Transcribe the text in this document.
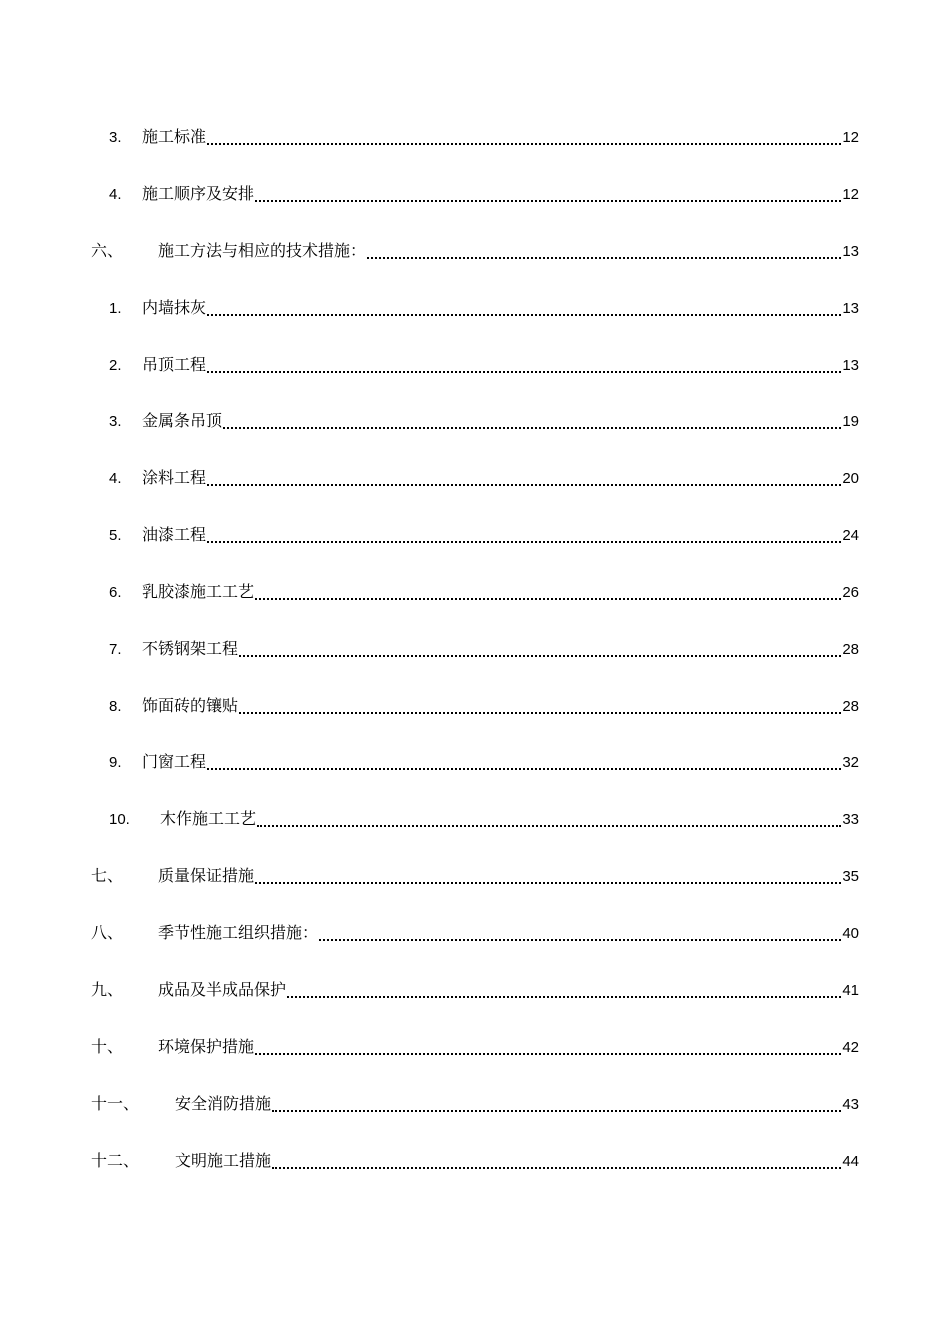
3.	施工标准	12
4.	施工顺序及安排	12
六、	施工方法与相应的技术措施：	13
1.	内墙抹灰	13
2.	吊顶工程	13
3.	金属条吊顶	19
4.	涂料工程	20
5.	油漆工程	24
6.	乳胶漆施工工艺	26
7.	不锈钢架工程	28
8.	饰面砖的镶贴	28
9.	门窗工程	32
10.	木作施工工艺	33
七、	质量保证措施	35
八、	季节性施工组织措施：	40
九、	成品及半成品保护	41
十、	环境保护措施	42
十一、	安全消防措施	43
十二、	文明施工措施	44
